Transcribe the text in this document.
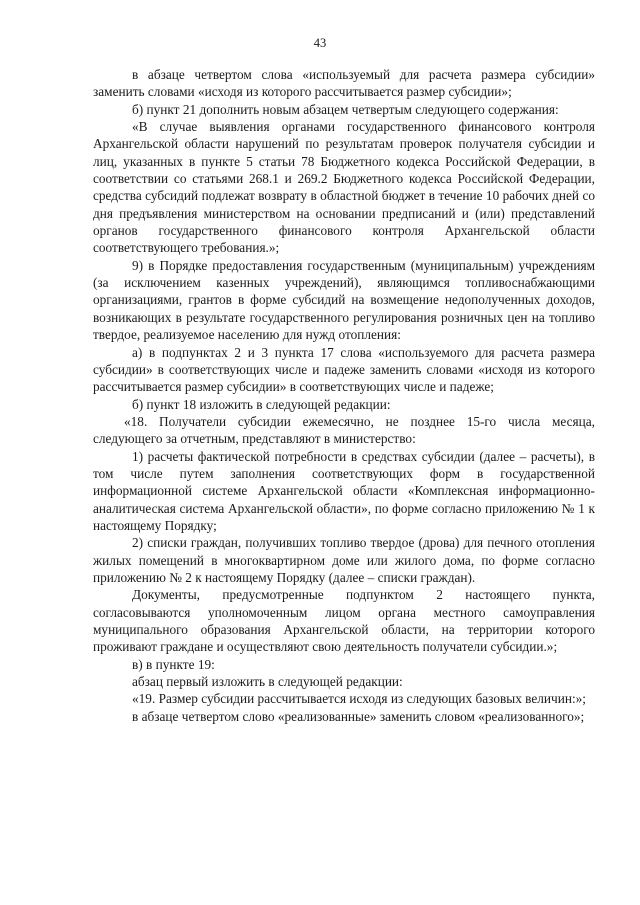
43

в абзаце четвертом слова «используемый для расчета размера субсидии» заменить словами «исходя из которого рассчитывается размер субсидии»;

б) пункт 21 дополнить новым абзацем четвертым следующего содержания:

«В случае выявления органами государственного финансового контроля Архангельской области нарушений по результатам проверок получателя субсидии и лиц, указанных в пункте 5 статьи 78 Бюджетного кодекса Российской Федерации, в соответствии со статьями 268.1 и 269.2 Бюджетного кодекса Российской Федерации, средства субсидий подлежат возврату в областной бюджет в течение 10 рабочих дней со дня предъявления министерством на основании предписаний и (или) представлений органов государственного финансового контроля Архангельской области соответствующего требования.»;

9) в Порядке предоставления государственным (муниципальным) учреждениям (за исключением казенных учреждений), являющимся топливоснабжающими организациями, грантов в форме субсидий на возмещение недополученных доходов, возникающих в результате государственного регулирования розничных цен на топливо твердое, реализуемое населению для нужд отопления:

а) в подпунктах 2 и 3 пункта 17 слова «используемого для расчета размера субсидии» в соответствующих числе и падеже заменить словами «исходя из которого рассчитывается размер субсидии» в соответствующих числе и падеже;

б) пункт 18 изложить в следующей редакции:

«18. Получатели субсидии ежемесячно, не позднее 15-го числа месяца, следующего за отчетным, представляют в министерство:

1) расчеты фактической потребности в средствах субсидии (далее – расчеты), в том числе путем заполнения соответствующих форм в государственной информационной системе Архангельской области «Комплексная информационно-аналитическая система Архангельской области», по форме согласно приложению № 1 к настоящему Порядку;

2) списки граждан, получивших топливо твердое (дрова) для печного отопления жилых помещений в многоквартирном доме или жилого дома, по форме согласно приложению № 2 к настоящему Порядку (далее – списки граждан).

Документы, предусмотренные подпунктом 2 настоящего пункта, согласовываются уполномоченным лицом органа местного самоуправления муниципального образования Архангельской области, на территории которого проживают граждане и осуществляют свою деятельность получатели субсидии.»;

в) в пункте 19:

абзац первый изложить в следующей редакции:

«19. Размер субсидии рассчитывается исходя из следующих базовых величин:»;

в абзаце четвертом слово «реализованные» заменить словом «реализованного»;
